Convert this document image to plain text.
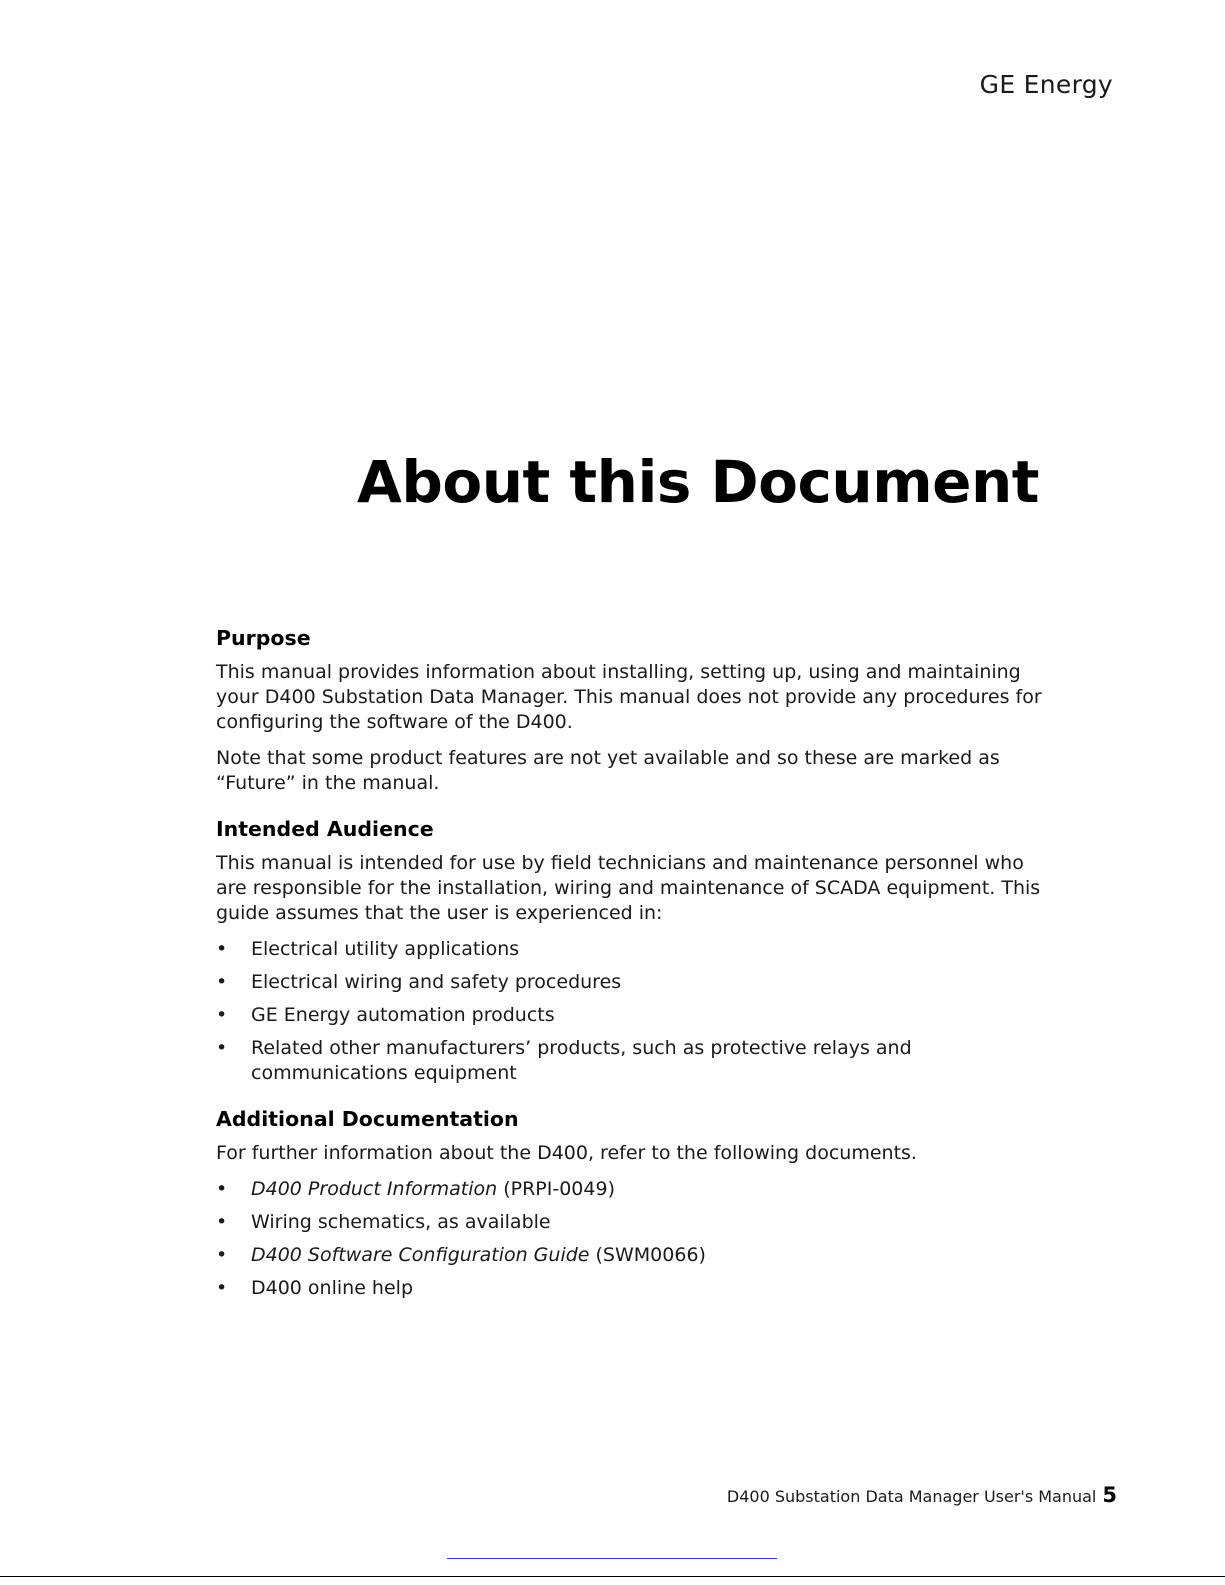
GE Energy
About this Document
Purpose

This manual provides information about installing, setting up, using and maintaining your D400 Substation Data Manager. This manual does not provide any procedures for configuring the software of the D400.

Note that some product features are not yet available and so these are marked as “Future” in the manual.

Intended Audience

This manual is intended for use by field technicians and maintenance personnel who are responsible for the installation, wiring and maintenance of SCADA equipment. This guide assumes that the user is experienced in:

• Electrical utility applications
• Electrical wiring and safety procedures
• GE Energy automation products
• Related other manufacturers’ products, such as protective relays and communications equipment
Additional Documentation

For further information about the D400, refer to the following documents.

• D400 Product Information (PRPI-0049)
• Wiring schematics, as available
• D400 Software Configuration Guide (SWM0066)
• D400 online help
D400 Substation Data Manager User's Manual 5
